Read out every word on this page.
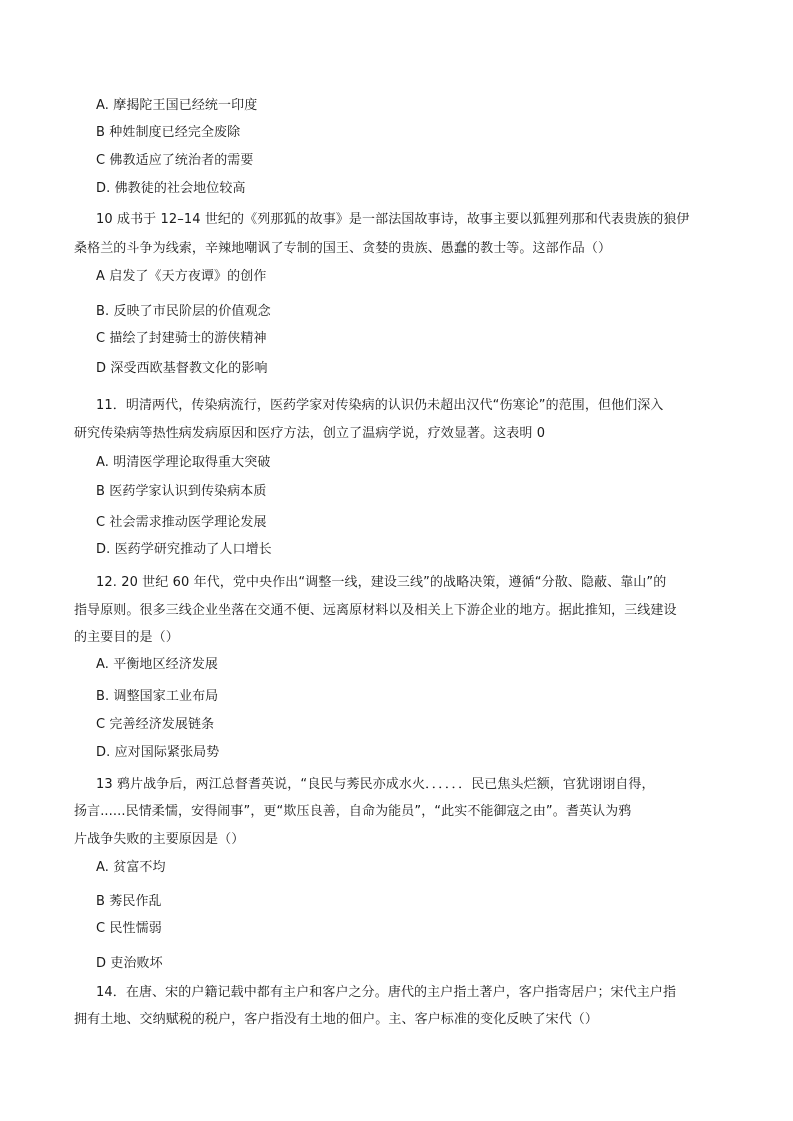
A. 摩揭陀王国已经统一印度
B 种姓制度已经完全废除
C 佛教适应了统治者的需要
D. 佛教徒的社会地位较高
10 成书于 12–14 世纪的《列那狐的故事》是一部法国故事诗，故事主要以狐狸列那和代表贵族的狼伊
桑格兰的斗争为线索，辛辣地嘲讽了专制的国王、贪婪的贵族、愚蠢的教士等。这部作品（）
A 启发了《天方夜谭》的创作
B. 反映了市民阶层的价值观念
C 描绘了封建骑士的游侠精神
D 深受西欧基督教文化的影响
11．明清两代，传染病流行，医药学家对传染病的认识仍未超出汉代“伤寒论”的范围，但他们深入
研究传染病等热性病发病原因和医疗方法，创立了温病学说，疗效显著。这表明 0
A. 明清医学理论取得重大突破
B 医药学家认识到传染病本质
C 社会需求推动医学理论发展
D. 医药学研究推动了人口增长
12. 20 世纪 60 年代，党中央作出“调整一线，建设三线”的战略决策，遵循“分散、隐蔽、靠山”的
指导原则。很多三线企业坐落在交通不便、远离原材料以及相关上下游企业的地方。据此推知，三线建设
的主要目的是（）
A. 平衡地区经济发展
B. 调整国家工业布局
C 完善经济发展链条
D. 应对国际紧张局势
13 鸦片战争后，两江总督耆英说，“良民与莠民亦成水火．．．．．．民已焦头烂额，官犹诩诩自得，
扬言......民情柔懦，安得闹事”，更“欺压良善，自命为能员”，“此实不能御寇之由”。耆英认为鸦
片战争失败的主要原因是（）
A. 贫富不均
B 莠民作乱
C 民性懦弱
D 吏治败坏
14．在唐、宋的户籍记载中都有主户和客户之分。唐代的主户指土著户，客户指寄居户；宋代主户指
拥有土地、交纳赋税的税户，客户指没有土地的佃户。主、客户标准的变化反映了宋代（）
